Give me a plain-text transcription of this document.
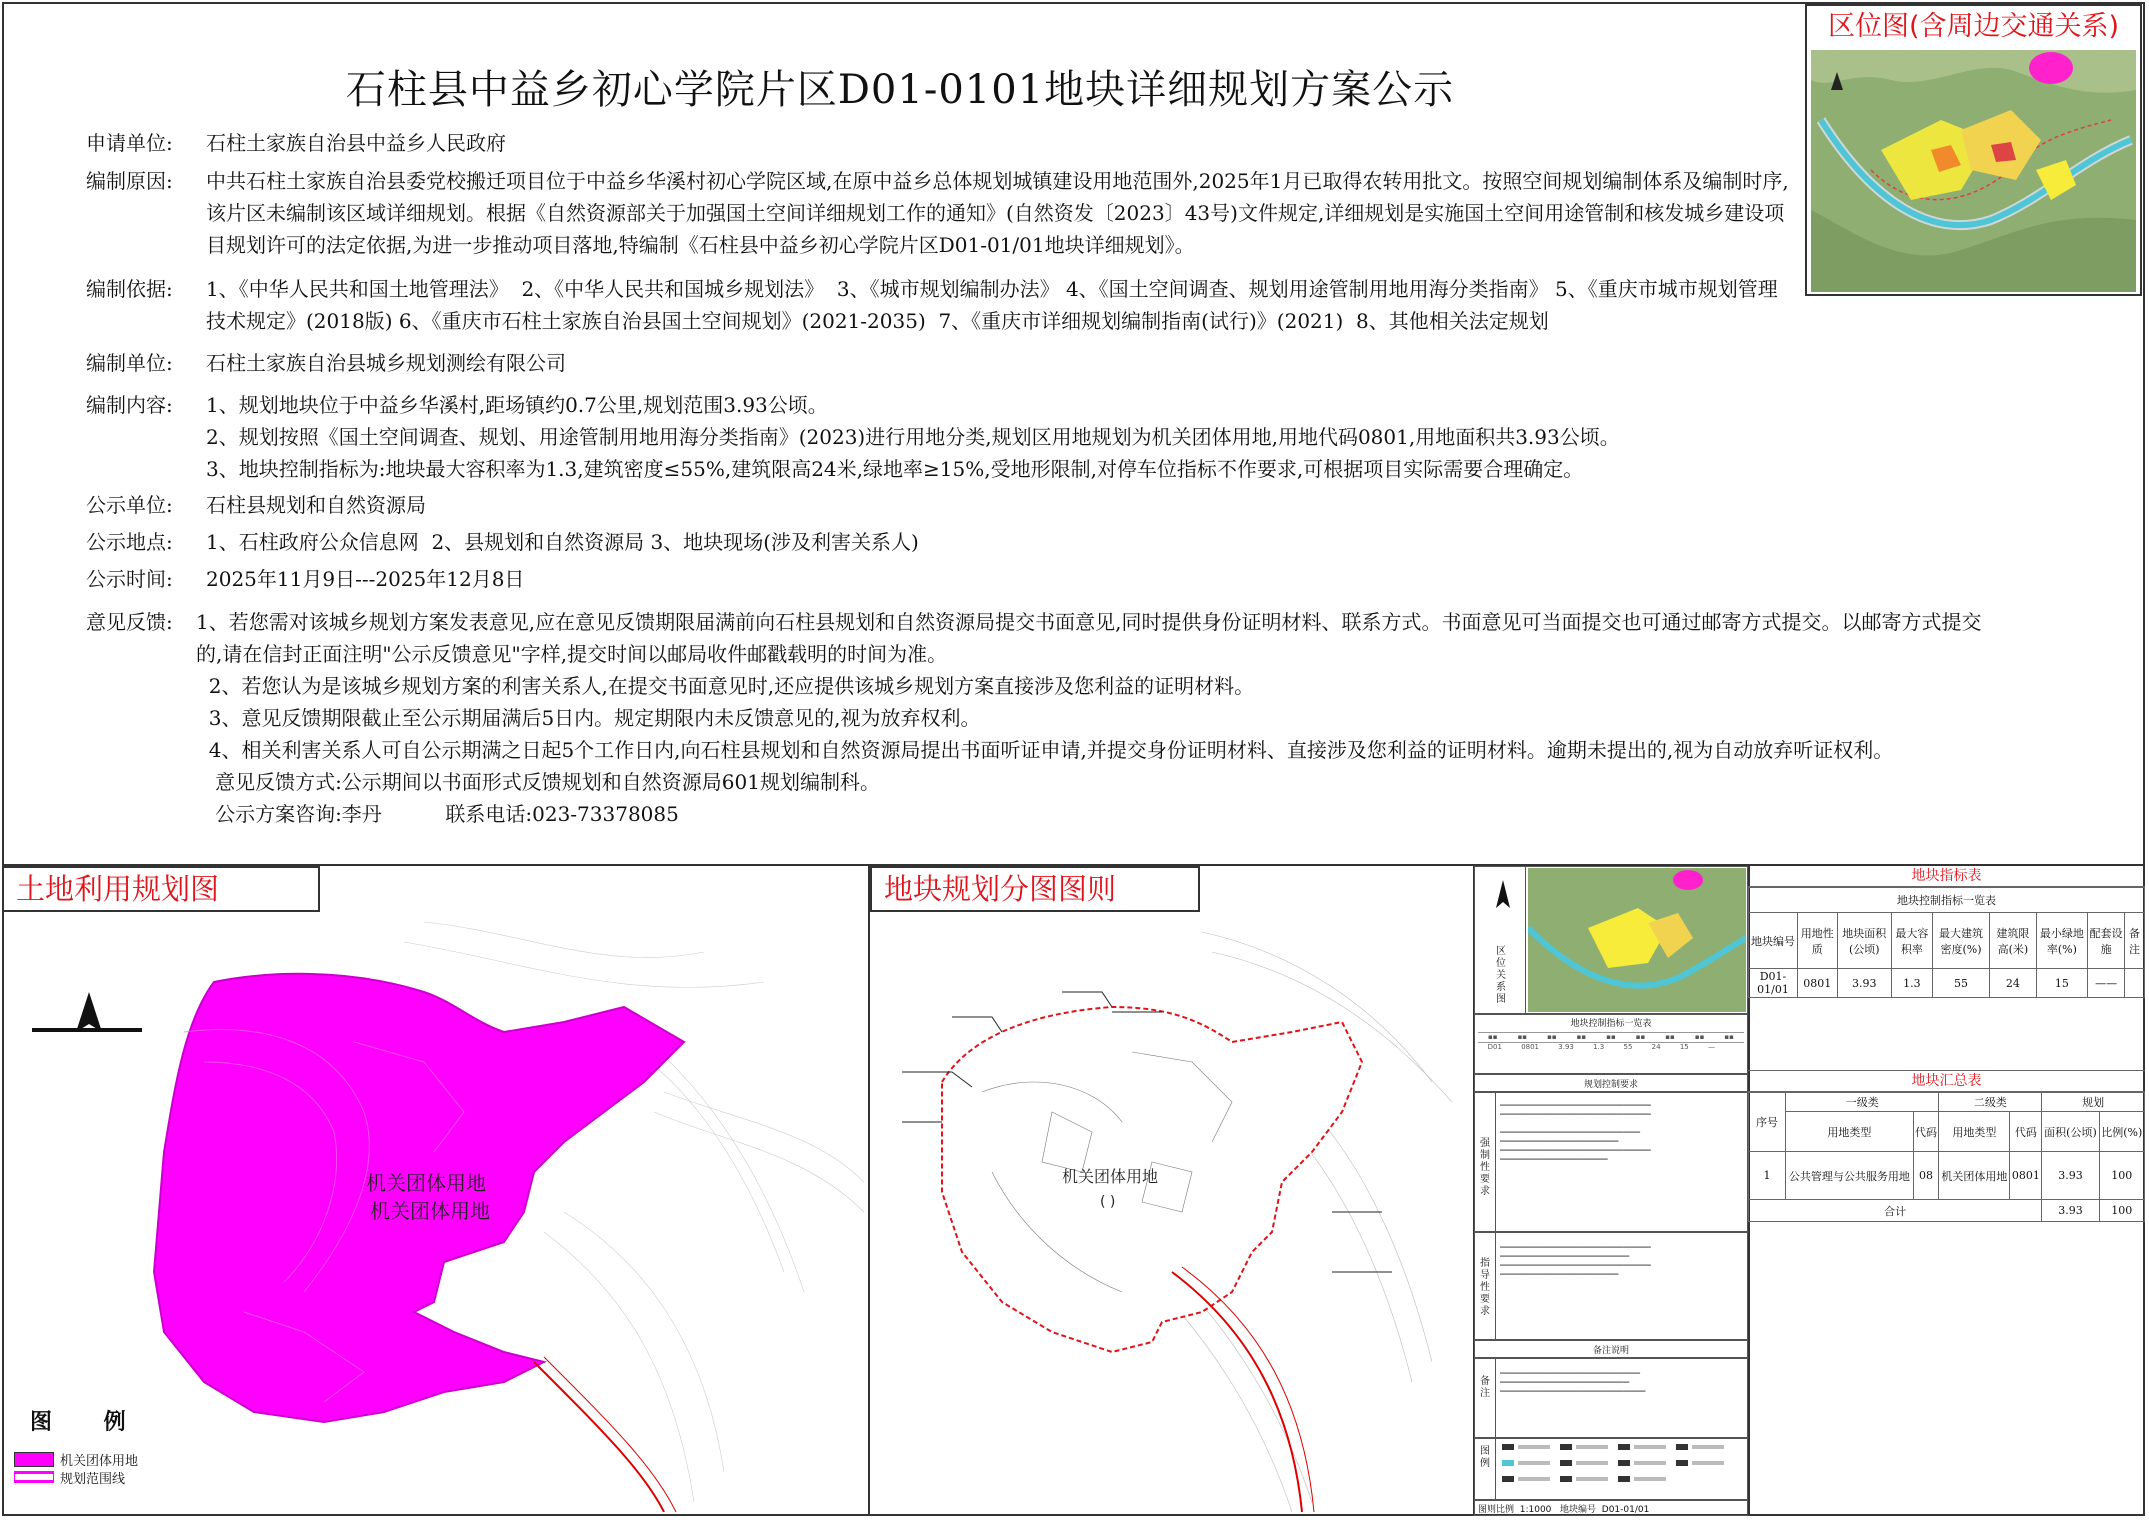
石柱县中益乡初心学院片区D01-0101地块详细规划方案公示
申请单位:	石柱土家族自治县中益乡人民政府
编制原因:	中共石柱土家族自治县委党校搬迁项目位于中益乡华溪村初心学院区域,在原中益乡总体规划城镇建设用地范围外,2025年1月已取得农转用批文。按照空间规划编制体系及编制时序,
该片区未编制该区域详细规划。根据《自然资源部关于加强国土空间详细规划工作的通知》(自然资发〔2023〕43号)文件规定,详细规划是实施国土空间用途管制和核发城乡建设项
目规划许可的法定依据,为进一步推动项目落地,特编制《石柱县中益乡初心学院片区D01-01/01地块详细规划》。
编制依据:	1、《中华人民共和国土地管理法》  2、《中华人民共和国城乡规划法》  3、《城市规划编制办法》 4、《国土空间调查、规划用途管制用地用海分类指南》 5、《重庆市城市规划管理
技术规定》(2018版) 6、《重庆市石柱土家族自治县国土空间规划》(2021-2035)  7、《重庆市详细规划编制指南(试行)》(2021)  8、其他相关法定规划
编制单位:	石柱土家族自治县城乡规划测绘有限公司
编制内容:	1、规划地块位于中益乡华溪村,距场镇约0.7公里,规划范围3.93公顷。
2、规划按照《国土空间调查、规划、用途管制用地用海分类指南》(2023)进行用地分类,规划区用地规划为机关团体用地,用地代码0801,用地面积共3.93公顷。
3、地块控制指标为:地块最大容积率为1.3,建筑密度≤55%,建筑限高24米,绿地率≥15%,受地形限制,对停车位指标不作要求,可根据项目实际需要合理确定。
公示单位:	石柱县规划和自然资源局
公示地点:	1、石柱政府公众信息网  2、县规划和自然资源局 3、地块现场(涉及利害关系人)
公示时间:	2025年11月9日---2025年12月8日
意见反馈:	1、若您需对该城乡规划方案发表意见,应在意见反馈期限届满前向石柱县规划和自然资源局提交书面意见,同时提供身份证明材料、联系方式。书面意见可当面提交也可通过邮寄方式提交。以邮寄方式提交
的,请在信封正面注明"公示反馈意见"字样,提交时间以邮局收件邮戳载明的时间为准。
2、若您认为是该城乡规划方案的利害关系人,在提交书面意见时,还应提供该城乡规划方案直接涉及您利益的证明材料。
3、意见反馈期限截止至公示期届满后5日内。规定期限内未反馈意见的,视为放弃权利。
4、相关利害关系人可自公示期满之日起5个工作日内,向石柱县规划和自然资源局提出书面听证申请,并提交身份证明材料、直接涉及您利益的证明材料。逾期未提出的,视为自动放弃听证权利。
意见反馈方式:公示期间以书面形式反馈规划和自然资源局601规划编制科。
公示方案咨询:李丹          联系电话:023-73378085
区位图(含周边交通关系)
土地利用规划图
机关团体用地
机关团体用地
图 例
机关团体用地
规划范围线
地块规划分图图则
机关团体用地
( )
区位关系图
地块控制指标一览表
▪▪	▪▪	▪▪	▪▪	▪▪	▪▪	▪▪	▪▪	▪▪
D01	0801	3.93	1.3	55	24	15	—
规划控制要求
强制性要求
▁▁▁▁▁▁▁▁▁▁▁▁▁▁▁▁▁▁▁▁▁▁▁▁▁▁▁▁
▁▁▁▁▁▁▁▁▁▁▁▁▁▁▁▁▁▁▁▁▁▁▁▁▁▁▁▁

▁▁▁▁▁▁▁▁▁▁▁▁▁▁▁▁▁▁▁▁▁▁▁▁▁▁
▁▁▁▁▁▁▁▁▁▁▁▁▁▁▁▁▁▁▁▁▁▁
▁▁▁▁▁▁▁▁▁▁▁▁▁▁▁▁▁▁▁▁▁▁▁▁▁▁▁▁
▁▁▁▁▁▁▁▁▁▁▁▁▁▁▁▁▁▁▁▁
指导性要求
▁▁▁▁▁▁▁▁▁▁▁▁▁▁▁▁▁▁▁▁▁▁▁▁▁▁▁▁
▁▁▁▁▁▁▁▁▁▁▁▁▁▁▁▁▁▁▁▁▁▁▁▁
▁▁▁▁▁▁▁▁▁▁▁▁▁▁▁▁▁▁▁▁▁▁▁▁▁▁▁▁
▁▁▁▁▁▁▁▁▁▁▁▁▁▁▁▁▁▁▁▁▁▁
备注说明
备注
▁▁▁▁▁▁▁▁▁▁▁▁▁▁▁▁▁▁▁▁▁▁▁▁▁▁
▁▁▁▁▁▁▁▁▁▁▁▁▁▁▁▁▁▁▁▁▁▁▁▁
▁▁▁▁▁▁▁▁▁▁▁▁▁▁▁▁▁▁▁▁▁▁▁▁▁▁▁
图例
图则比例 1:1000 地块编号 D01-01/01
地块指标表
地块控制指标一览表								
地块编号	用地性质	地块面积(公顷)	最大容积率	最大建筑密度(%)	建筑限高(米)	最小绿地率(%)	配套设施	备注
D01-01/01	0801	3.93	1.3	55	24	15	——	
地块汇总表
序号	一级类		二级类		规划	
	用地类型	代码	用地类型	代码	面积(公顷)	比例(%)
1	公共管理与公共服务用地	08	机关团体用地	0801	3.93	100
合计					3.93	100
